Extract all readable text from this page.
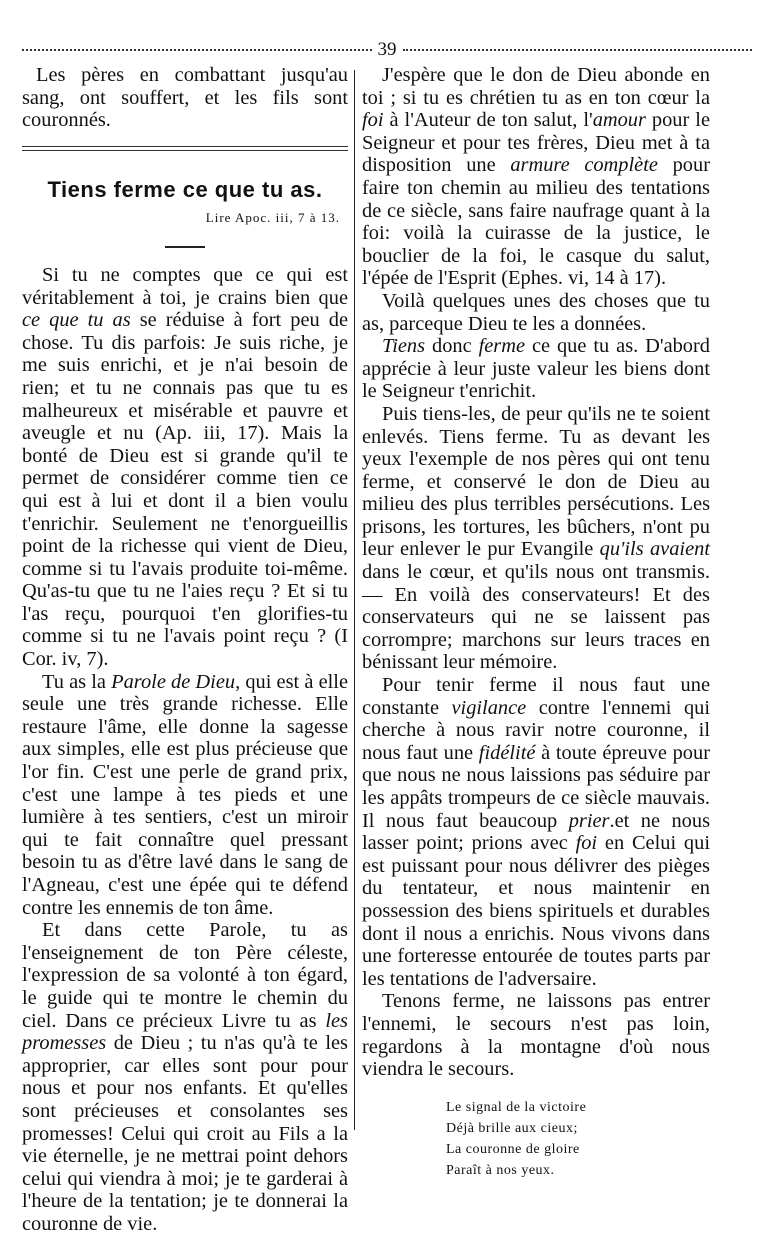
39

Les pères en combattant jusqu'au sang, ont souffert, et les fils sont couronnés.

Tiens ferme ce que tu as.
Lire Apoc. iii, 7 à 13.

Si tu ne comptes que ce qui est véritablement à toi, je crains bien que ce que tu as se réduise à fort peu de chose. Tu dis parfois: Je suis riche, je me suis enrichi, et je n'ai besoin de rien; et tu ne connais pas que tu es malheureux et misérable et pauvre et aveugle et nu (Ap. iii, 17). Mais la bonté de Dieu est si grande qu'il te permet de considérer comme tien ce qui est à lui et dont il a bien voulu t'enrichir. Seulement ne t'enorgueillis point de la richesse qui vient de Dieu, comme si tu l'avais produite toi-même. Qu'as-tu que tu ne l'aies reçu ? Et si tu l'as reçu, pourquoi t'en glorifies-tu comme si tu ne l'avais point reçu ? (I Cor. iv, 7).

Tu as la Parole de Dieu, qui est à elle seule une très grande richesse. Elle restaure l'âme, elle donne la sagesse aux simples, elle est plus précieuse que l'or fin. C'est une perle de grand prix, c'est une lampe à tes pieds et une lumière à tes sentiers, c'est un miroir qui te fait connaître quel pressant besoin tu as d'être lavé dans le sang de l'Agneau, c'est une épée qui te défend contre les ennemis de ton âme.

Et dans cette Parole, tu as l'enseignement de ton Père céleste, l'expression de sa volonté à ton égard, le guide qui te montre le chemin du ciel. Dans ce précieux Livre tu as les promesses de Dieu ; tu n'as qu'à te les approprier, car elles sont pour pour nous et pour nos enfants. Et qu'elles sont précieuses et consolantes ses promesses! Celui qui croit au Fils a la vie éternelle, je ne mettrai point dehors celui qui viendra à moi; je te garderai à l'heure de la tentation; je te donnerai la couronne de vie.

J'espère que le don de Dieu abonde en toi ; si tu es chrétien tu as en ton cœur la foi à l'Auteur de ton salut, l'amour pour le Seigneur et pour tes frères, Dieu met à ta disposition une armure complète pour faire ton chemin au milieu des tentations de ce siècle, sans faire naufrage quant à la foi: voilà la cuirasse de la justice, le bouclier de la foi, le casque du salut, l'épée de l'Esprit (Ephes. vi, 14 à 17).

Voilà quelques unes des choses que tu as, parceque Dieu te les a données.

Tiens donc ferme ce que tu as. D'abord apprécie à leur juste valeur les biens dont le Seigneur t'enrichit.

Puis tiens-les, de peur qu'ils ne te soient enlevés. Tiens ferme. Tu as devant les yeux l'exemple de nos pères qui ont tenu ferme, et conservé le don de Dieu au milieu des plus terribles persécutions. Les prisons, les tortures, les bûchers, n'ont pu leur enlever le pur Evangile qu'ils avaient dans le cœur, et qu'ils nous ont transmis. — En voilà des conservateurs! Et des conservateurs qui ne se laissent pas corrompre; marchons sur leurs traces en bénissant leur mémoire.

Pour tenir ferme il nous faut une constante vigilance contre l'ennemi qui cherche à nous ravir notre couronne, il nous faut une fidélité à toute épreuve pour que nous ne nous laissions pas séduire par les appâts trompeurs de ce siècle mauvais. Il nous faut beaucoup prier.et ne nous lasser point; prions avec foi en Celui qui est puissant pour nous délivrer des pièges du tentateur, et nous maintenir en possession des biens spirituels et durables dont il nous a enrichis. Nous vivons dans une forteresse entourée de toutes parts par les tentations de l'adversaire.

Tenons ferme, ne laissons pas entrer l'ennemi, le secours n'est pas loin, regardons à la montagne d'où nous viendra le secours.

Le signal de la victoire
Déjà brille aux cieux;
La couronne de gloire
Paraît à nos yeux.
